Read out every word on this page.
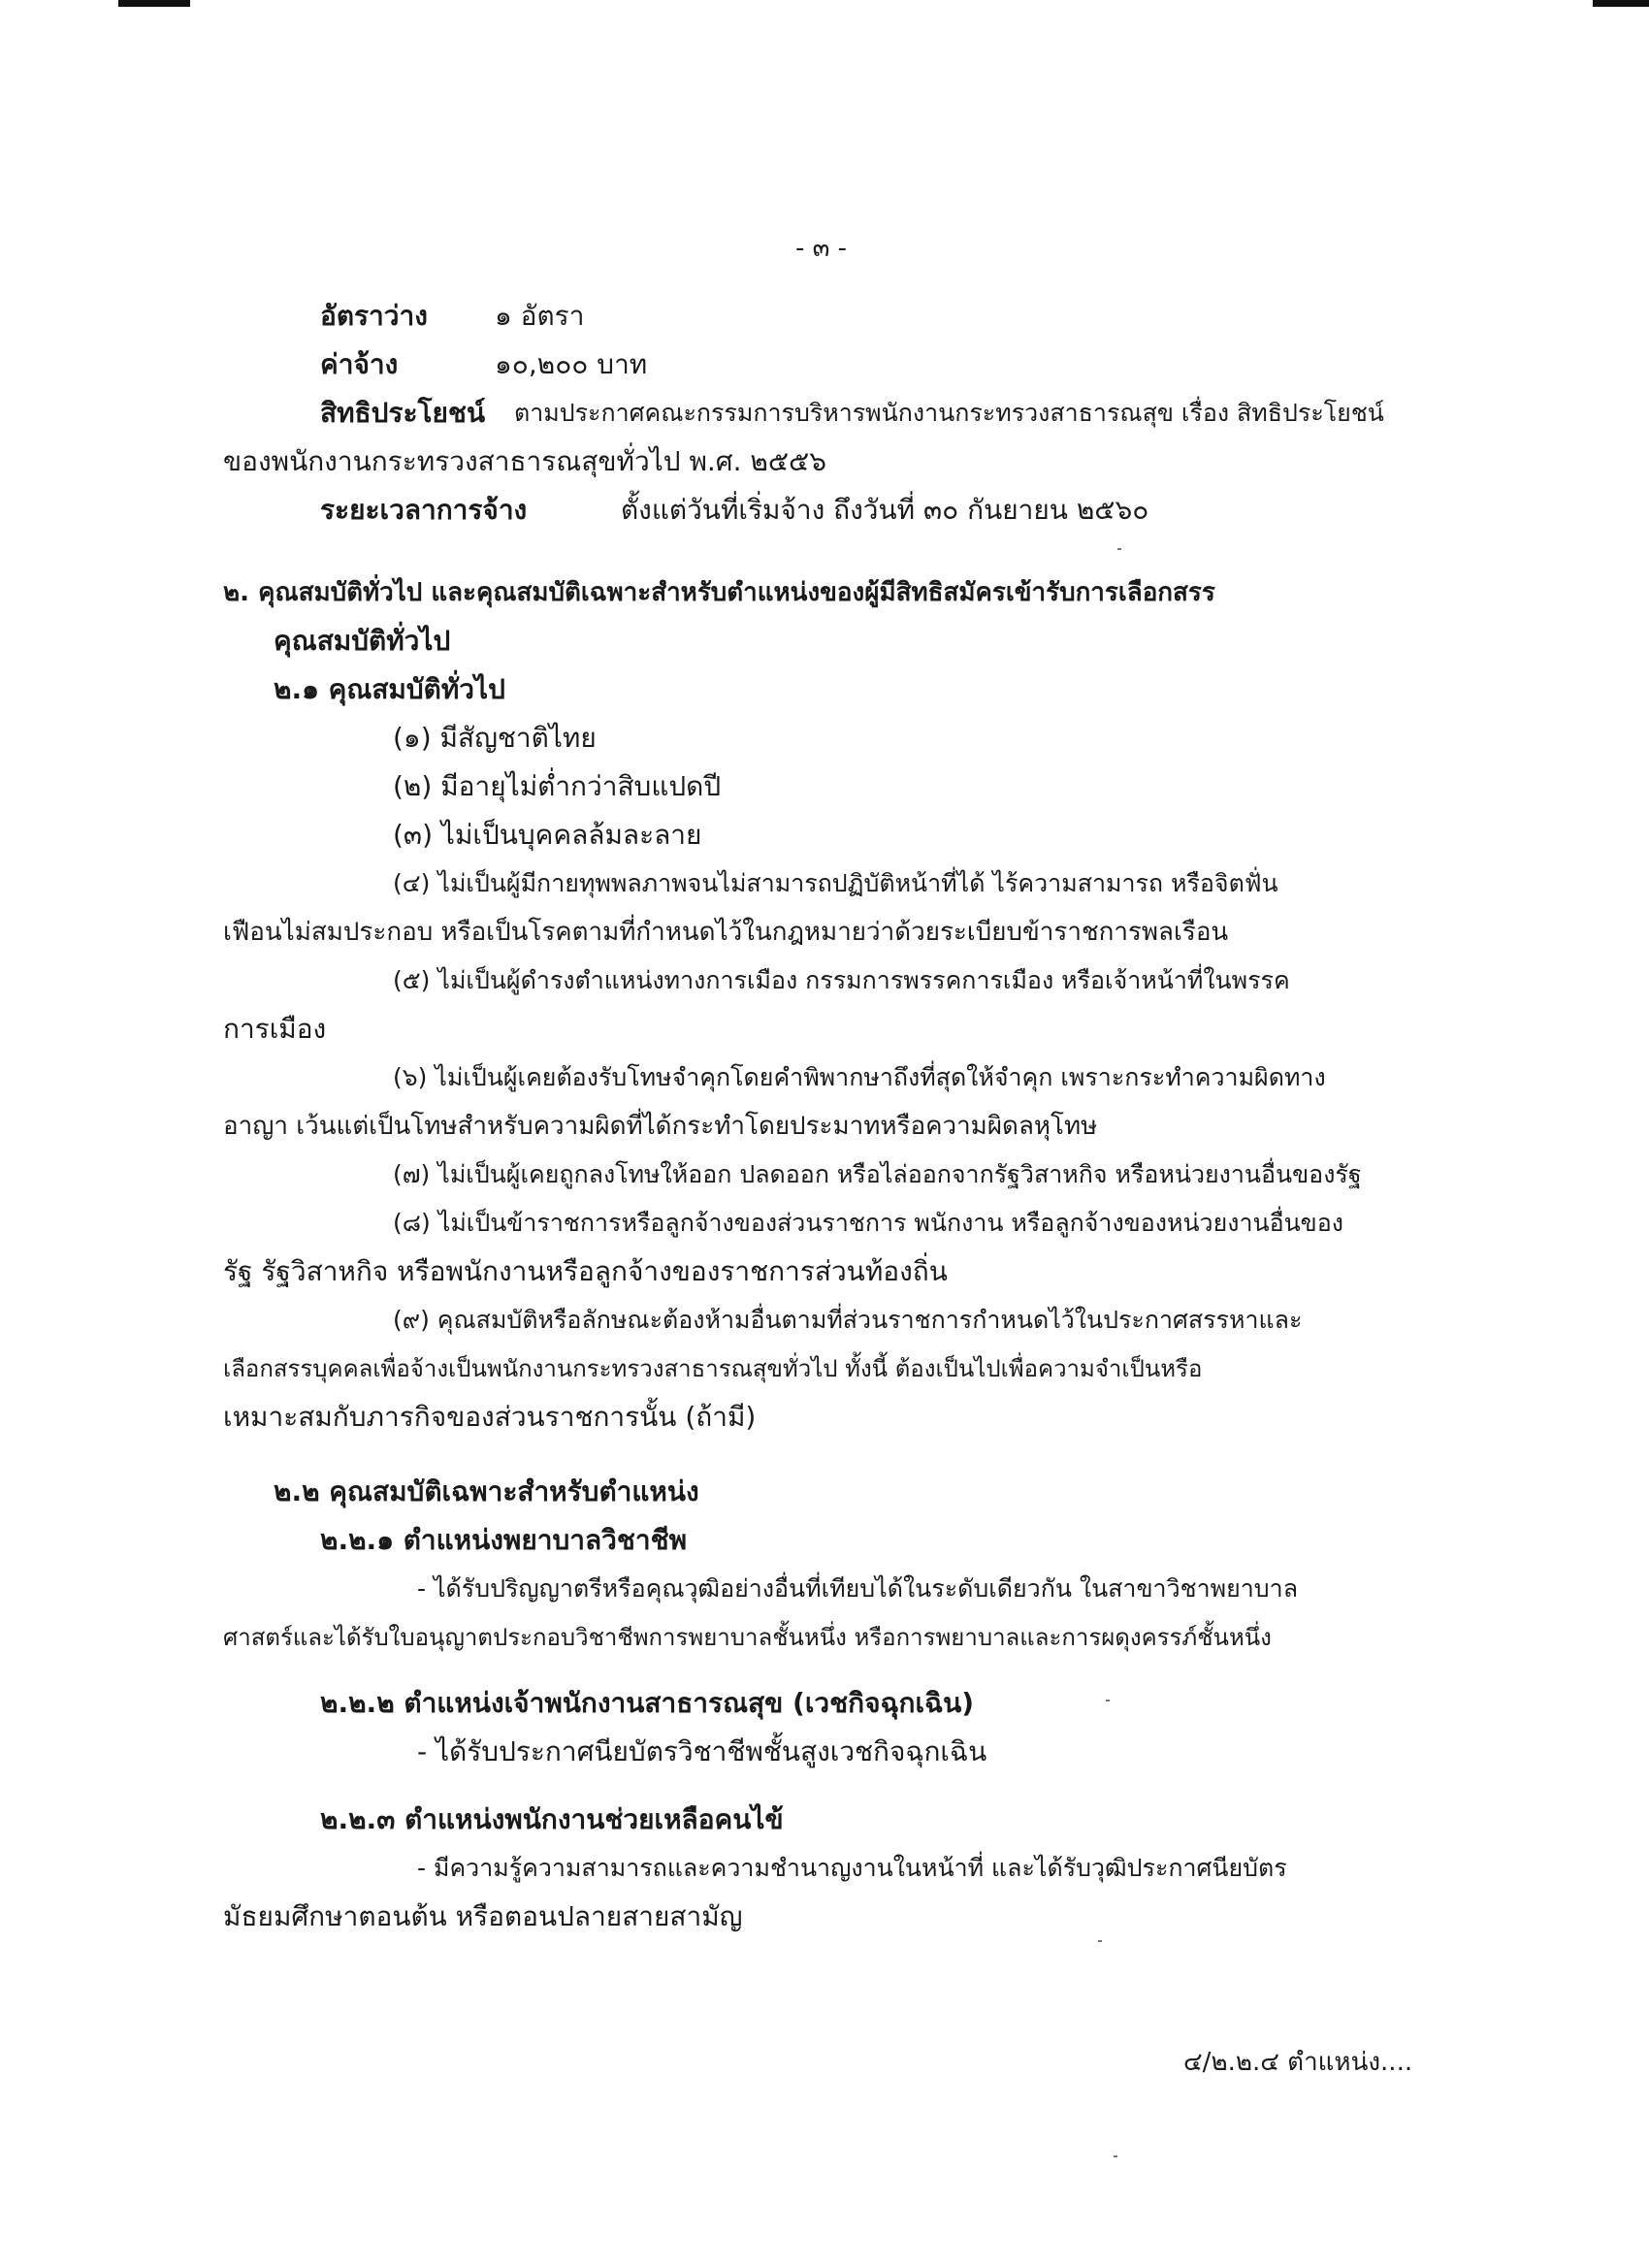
- ๓ -
อัตราว่าง ๑ อัตรา
ค่าจ้าง	๑๐,๒๐๐ บาท
สิทธิประโยชน์ ตามประกาศคณะกรรมการบริหารพนักงานกระทรวงสาธารณสุข เรื่อง สิทธิประโยชน์
ของพนักงานกระทรวงสาธารณสุขทั่วไป พ.ศ. ๒๕๕๖
ระยะเวลาการจ้าง	ตั้งแต่วันที่เริ่มจ้าง ถึงวันที่ ๓๐ กันยายน ๒๕๖๐
๒. คุณสมบัติทั่วไป และคุณสมบัติเฉพาะสำหรับตำแหน่งของผู้มีสิทธิสมัครเข้ารับการเลือกสรร
คุณสมบัติทั่วไป
๒.๑ คุณสมบัติทั่วไป
(๑) มีสัญชาติไทย
(๒) มีอายุไม่ต่ำกว่าสิบแปดปี
(๓) ไม่เป็นบุคคลล้มละลาย
(๔) ไม่เป็นผู้มีกายทุพพลภาพจนไม่สามารถปฏิบัติหน้าที่ได้ ไร้ความสามารถ หรือจิตฟั่น
เฟือนไม่สมประกอบ หรือเป็นโรคตามที่กำหนดไว้ในกฎหมายว่าด้วยระเบียบข้าราชการพลเรือน
(๕) ไม่เป็นผู้ดำรงตำแหน่งทางการเมือง กรรมการพรรคการเมือง หรือเจ้าหน้าที่ในพรรค
การเมือง
(๖) ไม่เป็นผู้เคยต้องรับโทษจำคุกโดยคำพิพากษาถึงที่สุดให้จำคุก เพราะกระทำความผิดทาง
อาญา เว้นแต่เป็นโทษสำหรับความผิดที่ได้กระทำโดยประมาทหรือความผิดลหุโทษ
(๗) ไม่เป็นผู้เคยถูกลงโทษให้ออก ปลดออก หรือไล่ออกจากรัฐวิสาหกิจ หรือหน่วยงานอื่นของรัฐ
(๘) ไม่เป็นข้าราชการหรือลูกจ้างของส่วนราชการ พนักงาน หรือลูกจ้างของหน่วยงานอื่นของ
รัฐ รัฐวิสาหกิจ หรือพนักงานหรือลูกจ้างของราชการส่วนท้องถิ่น
(๙) คุณสมบัติหรือลักษณะต้องห้ามอื่นตามที่ส่วนราชการกำหนดไว้ในประกาศสรรหาและ
เลือกสรรบุคคลเพื่อจ้างเป็นพนักงานกระทรวงสาธารณสุขทั่วไป ทั้งนี้ ต้องเป็นไปเพื่อความจำเป็นหรือ
เหมาะสมกับภารกิจของส่วนราชการนั้น (ถ้ามี)
๒.๒ คุณสมบัติเฉพาะสำหรับตำแหน่ง
๒.๒.๑ ตำแหน่งพยาบาลวิชาชีพ
- ได้รับปริญญาตรีหรือคุณวุฒิอย่างอื่นที่เทียบได้ในระดับเดียวกัน ในสาขาวิชาพยาบาล
ศาสตร์และได้รับใบอนุญาตประกอบวิชาชีพการพยาบาลชั้นหนึ่ง หรือการพยาบาลและการผดุงครรภ์ชั้นหนึ่ง
๒.๒.๒ ตำแหน่งเจ้าพนักงานสาธารณสุข (เวชกิจฉุกเฉิน)
- ได้รับประกาศนียบัตรวิชาชีพชั้นสูงเวชกิจฉุกเฉิน
๒.๒.๓ ตำแหน่งพนักงานช่วยเหลือคนไข้
- มีความรู้ความสามารถและความชำนาญงานในหน้าที่ และได้รับวุฒิประกาศนียบัตร
มัธยมศึกษาตอนต้น หรือตอนปลายสายสามัญ
๔/๒.๒.๔ ตำแหน่ง....
